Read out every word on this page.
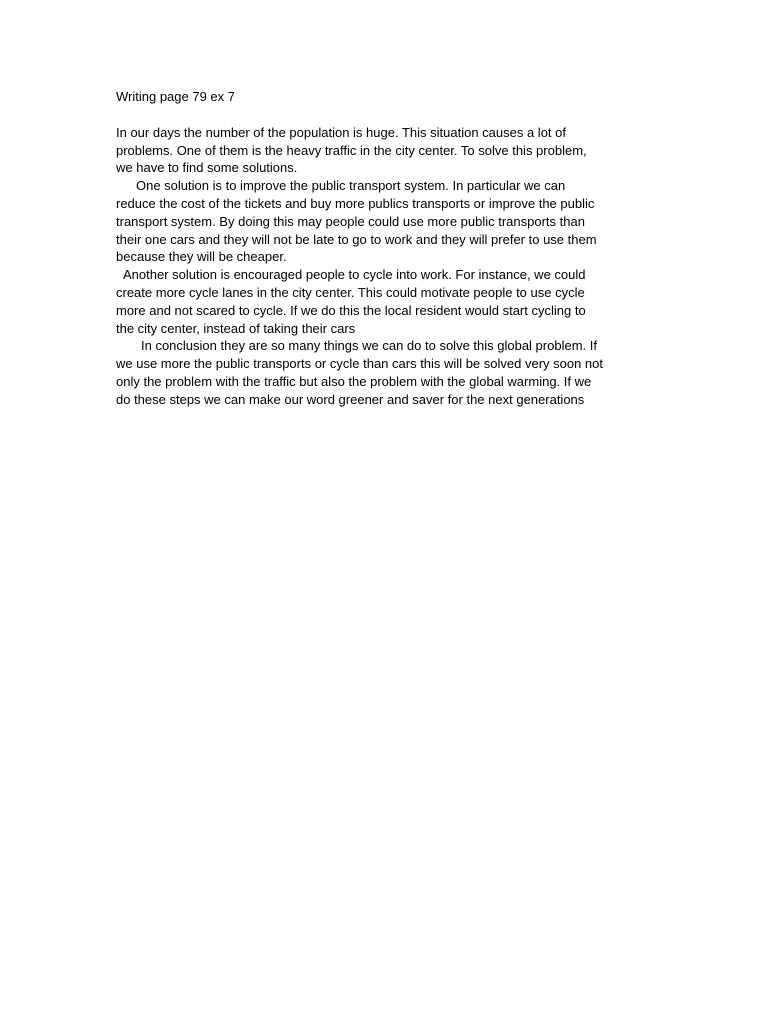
Writing page 79 ex 7
In our days the number of the population is huge. This situation causes a lot of
problems. One of them is the heavy traffic in the city center. To solve this problem,
we have to find some solutions.
One solution is to improve the public transport system. In particular we can
reduce the cost of the tickets and buy more publics transports or improve the public
transport system. By doing this may people could use more public transports than
their one cars and they will not be late to go to work and they will prefer to use them
because they will be cheaper.
Another solution is encouraged people to cycle into work. For instance, we could
create more cycle lanes in the city center. This could motivate people to use cycle
more and not scared to cycle. If we do this the local resident would start cycling to
the city center, instead of taking their cars
In conclusion they are so many things we can do to solve this global problem. If
we use more the public transports or cycle than cars this will be solved very soon not
only the problem with the traffic but also the problem with the global warming. If we
do these steps we can make our word greener and saver for the next generations
